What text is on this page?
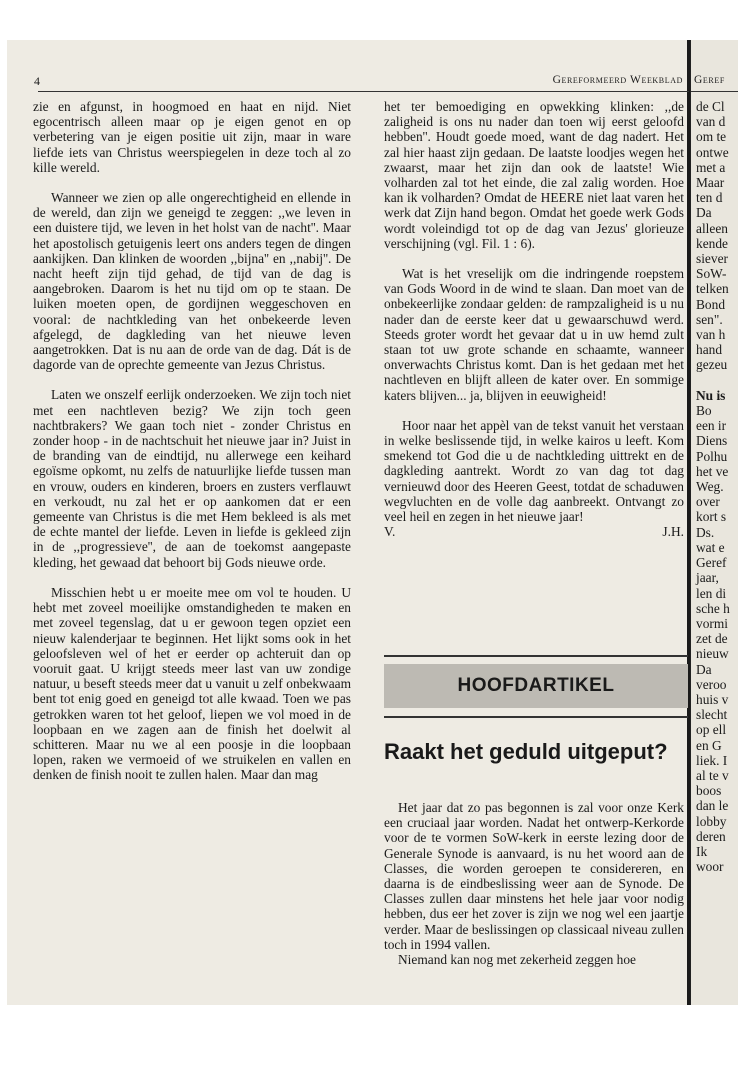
4	Gereformeerd Weekblad Geref

zie en afgunst, in hoogmoed en haat en nijd. Niet egocentrisch alleen maar op je eigen genot en op verbetering van je eigen positie uit zijn, maar in ware liefde iets van Christus weerspiegelen in deze toch al zo kille wereld.

Wanneer we zien op alle ongerechtigheid en ellende in de wereld, dan zijn we geneigd te zeggen: ,,we leven in een duistere tijd, we leven in het holst van de nacht''. Maar het apostolisch getuigenis leert ons anders tegen de dingen aankijken. Dan klinken de woorden ,,bijna'' en ,,nabij''. De nacht heeft zijn tijd gehad, de tijd van de dag is aangebroken. Daarom is het nu tijd om op te staan. De luiken moeten open, de gordijnen weggeschoven en vooral: de nachtkleding van het onbekeerde leven afgelegd, de dagkleding van het nieuwe leven aangetrokken. Dat is nu aan de orde van de dag. Dát is de dagorde van de oprechte gemeente van Jezus Christus.

Laten we onszelf eerlijk onderzoeken. We zijn toch niet met een nachtleven bezig? We zijn toch geen nachtbrakers? We gaan toch niet - zonder Christus en zonder hoop - in de nachtschuit het nieuwe jaar in? Juist in de branding van de eindtijd, nu allerwege een keihard egoïsme opkomt, nu zelfs de natuurlijke liefde tussen man en vrouw, ouders en kinderen, broers en zusters verflauwt en verkoudt, nu zal het er op aankomen dat er een gemeente van Christus is die met Hem bekleed is als met de echte mantel der liefde. Leven in liefde is gekleed zijn in de ,,progressieve'', de aan de toekomst aangepaste kleding, het gewaad dat behoort bij Gods nieuwe orde.

Misschien hebt u er moeite mee om vol te houden. U hebt met zoveel moeilijke omstandigheden te maken en met zoveel tegenslag, dat u er gewoon tegen opziet een nieuw kalenderjaar te beginnen. Het lijkt soms ook in het geloofsleven wel of het er eerder op achteruit dan op vooruit gaat. U krijgt steeds meer last van uw zondige natuur, u beseft steeds meer dat u vanuit u zelf onbekwaam bent tot enig goed en geneigd tot alle kwaad. Toen we pas getrokken waren tot het geloof, liepen we vol moed in de loopbaan en we zagen aan de finish het doelwit al schitteren. Maar nu we al een poosje in die loopbaan lopen, raken we vermoeid of we struikelen en vallen en denken de finish nooit te zullen halen. Maar dan mag

het ter bemoediging en opwekking klinken: ,,de zaligheid is ons nu nader dan toen wij eerst geloofd hebben''. Houdt goede moed, want de dag nadert. Het zal hier haast zijn gedaan. De laatste loodjes wegen het zwaarst, maar het zijn dan ook de laatste! Wie volharden zal tot het einde, die zal zalig worden. Hoe kan ik volharden? Omdat de HEERE niet laat varen het werk dat Zijn hand begon. Omdat het goede werk Gods wordt voleindigd tot op de dag van Jezus' glorieuze verschijning (vgl. Fil. 1 : 6).

Wat is het vreselijk om die indringende roepstem van Gods Woord in de wind te slaan. Dan moet van de onbekeerlijke zondaar gelden: de rampzaligheid is u nu nader dan de eerste keer dat u gewaarschuwd werd. Steeds groter wordt het gevaar dat u in uw hemd zult staan tot uw grote schande en schaamte, wanneer onverwachts Christus komt. Dan is het gedaan met het nachtleven en blijft alleen de kater over. En sommige katers blijven... ja, blijven in eeuwigheid!

Hoor naar het appèl van de tekst vanuit het verstaan in welke beslissende tijd, in welke kairos u leeft. Kom smekend tot God die u de nachtkleding uittrekt en de dagkleding aantrekt. Wordt zo van dag tot dag vernieuwd door des Heeren Geest, totdat de schaduwen wegvluchten en de volle dag aanbreekt. Ontvangt zo veel heil en zegen in het nieuwe jaar!

V.	J.H.

HOOFDARTIKEL
Raakt het geduld uitgeput?

Het jaar dat zo pas begonnen is zal voor onze Kerk een cruciaal jaar worden. Nadat het ontwerp-Kerkorde voor de te vormen SoW-kerk in eerste lezing door de Generale Synode is aanvaard, is nu het woord aan de Classes, die worden geroepen te considereren, en daarna is de eindbeslissing weer aan de Synode. De Classes zullen daar minstens het hele jaar voor nodig hebben, dus eer het zover is zijn we nog wel een jaartje verder. Maar de beslissingen op classicaal niveau zullen toch in 1994 vallen.

Niemand kan nog met zekerheid zeggen hoe

de Cl
van d
om te
ontwe
met a
Maar
ten d
Da
alleen
kende
siever
SoW-
telken
Bond
sen".
van h
hand
gezeu

Nu is
Bo
een ir
Diens
Polhu
het ve
Weg.
over
kort s
Ds.
wat e
Geref
jaar,
len di
sche h
vormi
zet de
nieuw
Da
veroo
huis v
slecht
op ell
en G
liek. I
al te v
boos
dan le
lobby
deren
Ik
woor
